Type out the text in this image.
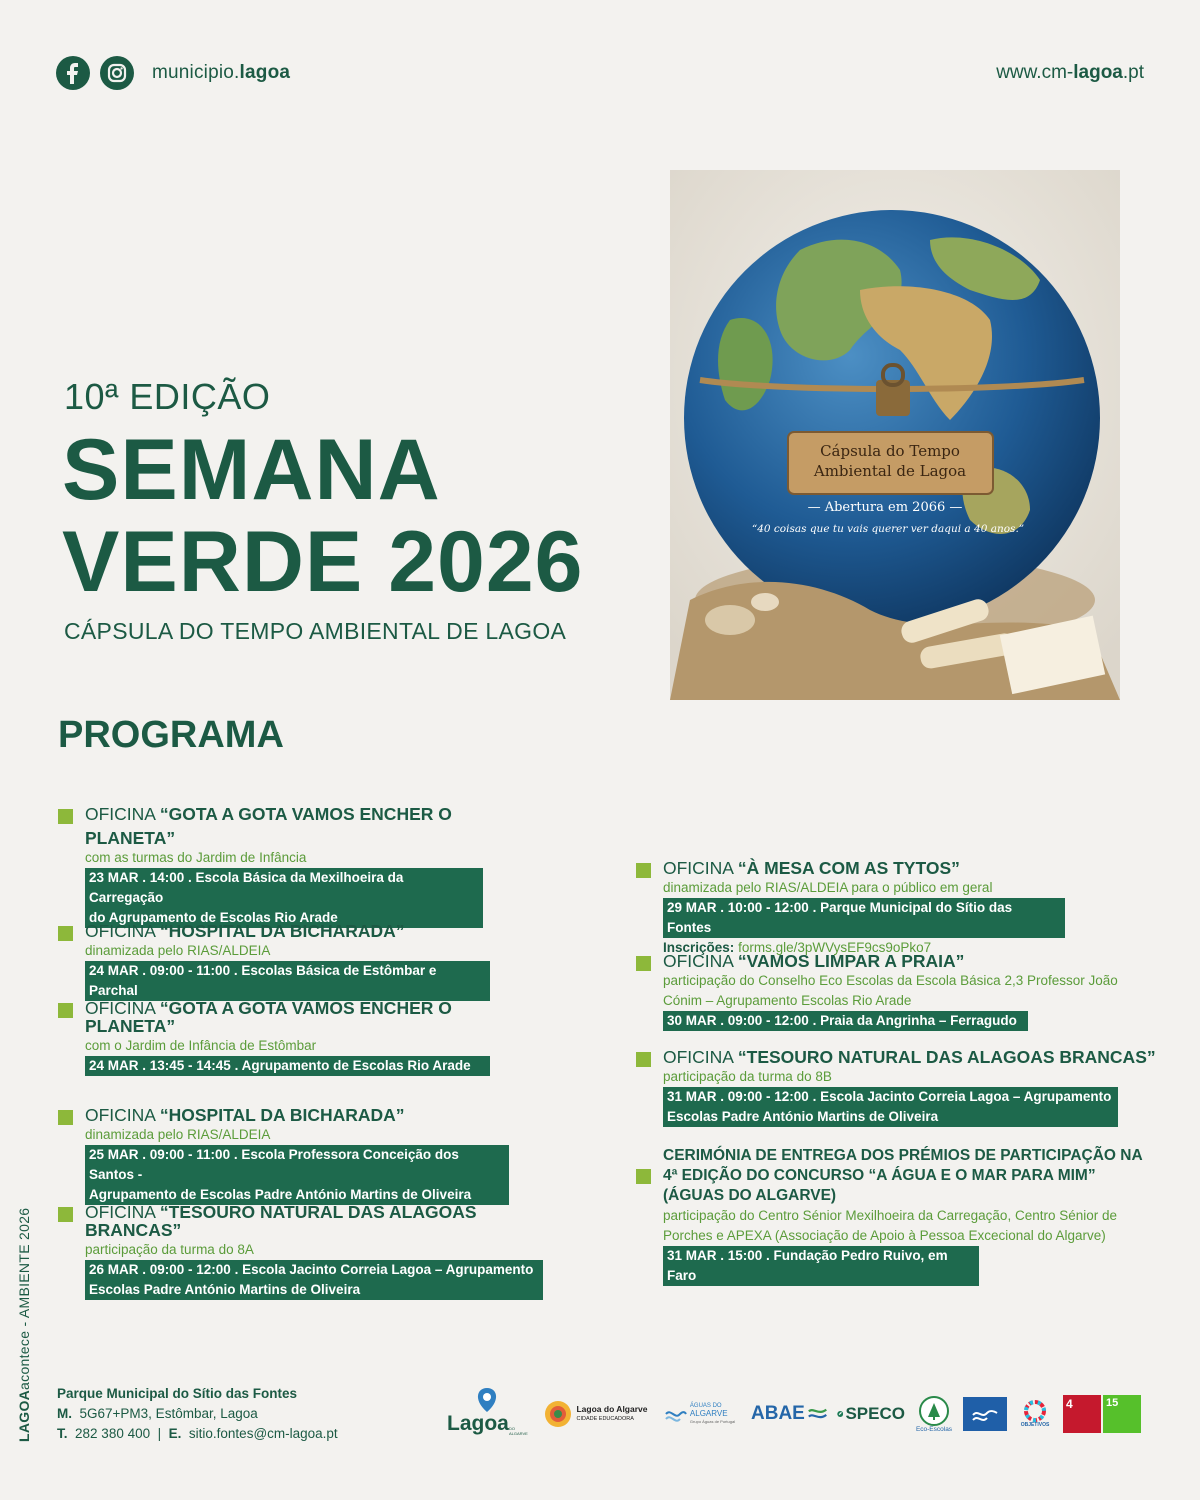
municipio.lagoa	www.cm-lagoa.pt
Cápsula do Tempo
Ambiental de Lagoa
— Abertura em 2066 —
“40 coisas que tu vais querer ver daqui a 40 anos.”
10ª EDIÇÃO
SEMANA
VERDE 2026
CÁPSULA DO TEMPO AMBIENTAL DE LAGOA
PROGRAMA
OFICINA “GOTA A GOTA VAMOS ENCHER O
PLANETA”
com as turmas do Jardim de Infância
23 MAR . 14:00 . Escola Básica da Mexilhoeira da Carregação
do Agrupamento de Escolas Rio Arade
OFICINA “HOSPITAL DA BICHARADA”
dinamizada pelo RIAS/ALDEIA
24 MAR . 09:00 - 11:00 . Escolas Básica de Estômbar e Parchal
OFICINA “GOTA A GOTA VAMOS ENCHER O
PLANETA”
com o Jardim de Infância de Estômbar
24 MAR . 13:45 - 14:45 . Agrupamento de Escolas Rio Arade
OFICINA “HOSPITAL DA BICHARADA”
dinamizada pelo RIAS/ALDEIA
25 MAR . 09:00 - 11:00 . Escola Professora Conceição dos Santos -
Agrupamento de Escolas Padre António Martins de Oliveira
OFICINA “TESOURO NATURAL DAS ALAGOAS
BRANCAS”
participação da turma do 8A
26 MAR . 09:00 - 12:00 . Escola Jacinto Correia Lagoa – Agrupamento
Escolas Padre António Martins de Oliveira
OFICINA “À MESA COM AS TYTOS”
dinamizada pelo RIAS/ALDEIA para o público em geral
29 MAR . 10:00 - 12:00 . Parque Municipal do Sítio das Fontes
Inscrições: forms.gle/3pWVysEF9cs9oPko7
OFICINA “VAMOS LIMPAR A PRAIA”
participação do Conselho Eco Escolas da Escola Básica 2,3 Professor João
Cónim – Agrupamento Escolas Rio Arade
30 MAR . 09:00 - 12:00 . Praia da Angrinha – Ferragudo
OFICINA “TESOURO NATURAL DAS ALAGOAS BRANCAS”
participação da turma do 8B
31 MAR . 09:00 - 12:00 . Escola Jacinto Correia Lagoa – Agrupamento
Escolas Padre António Martins de Oliveira
CERIMÓNIA DE ENTREGA DOS PRÉMIOS DE PARTICIPAÇÃO NA
4ª EDIÇÃO DO CONCURSO “A ÁGUA E O MAR PARA MIM”
(ÁGUAS DO ALGARVE)
participação do Centro Sénior Mexilhoeira da Carregação, Centro Sénior de
Porches e APEXA (Associação de Apoio à Pessoa Excecional do Algarve)
31 MAR . 15:00 . Fundação Pedro Ruivo, em Faro
LAGOAacontece - AMBIENTE 2026
Parque Municipal do Sítio das Fontes
M. 5G67+PM3, Estômbar, Lagoa
T. 282 380 400  |  E. sitio.fontes@cm-lagoa.pt	Lagoa DO ALGARVE
Lagoa do Algarve
CIDADE EDUCADORA
ÁGUAS DO
ALGARVE
Grupo Águas de Portugal ABAE SPECO
Eco-Escolas
OBJETIVOS
4	15
